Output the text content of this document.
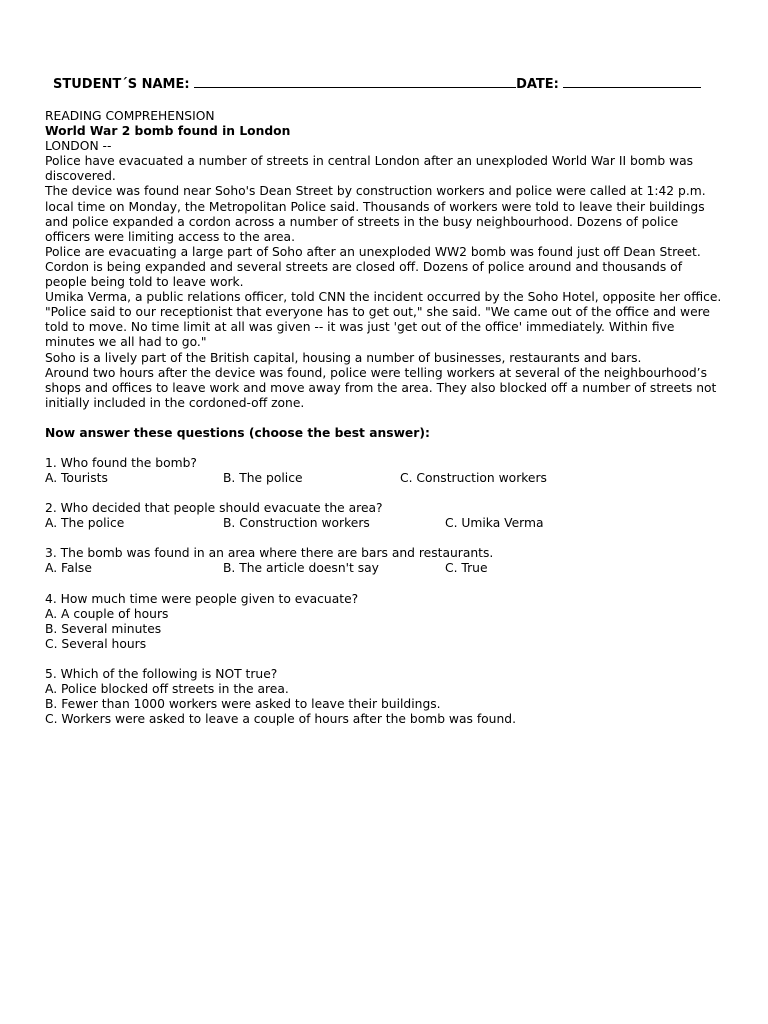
STUDENT´S NAME:	DATE:

READING COMPREHENSION

World War 2 bomb found in London

LONDON --

Police have evacuated a number of streets in central London after an unexploded World War II bomb was discovered.

The device was found near Soho's Dean Street by construction workers and police were called at 1:42 p.m. local time on Monday, the Metropolitan Police said. Thousands of workers were told to leave their buildings and police expanded a cordon across a number of streets in the busy neighbourhood. Dozens of police officers were limiting access to the area.

Police are evacuating a large part of Soho after an unexploded WW2 bomb was found just off Dean Street. Cordon is being expanded and several streets are closed off. Dozens of police around and thousands of people being told to leave work.

Umika Verma, a public relations officer, told CNN the incident occurred by the Soho Hotel, opposite her office. "Police said to our receptionist that everyone has to get out," she said. "We came out of the office and were told to move. No time limit at all was given -- it was just 'get out of the office' immediately. Within five minutes we all had to go."

Soho is a lively part of the British capital, housing a number of businesses, restaurants and bars.

Around two hours after the device was found, police were telling workers at several of the neighbourhood’s shops and offices to leave work and move away from the area. They also blocked off a number of streets not initially included in the cordoned-off zone.

Now answer these questions (choose the best answer):

1. Who found the bomb?

A. Tourists	B. The police	C. Construction workers

2. Who decided that people should evacuate the area?

A. The police	B. Construction workers	C. Umika Verma

3. The bomb was found in an area where there are bars and restaurants.

A. False	B. The article doesn't say	C. True

4. How much time were people given to evacuate?

A. A couple of hours

B. Several minutes

C. Several hours

5. Which of the following is NOT true?

A. Police blocked off streets in the area.

B. Fewer than 1000 workers were asked to leave their buildings.

C. Workers were asked to leave a couple of hours after the bomb was found.
